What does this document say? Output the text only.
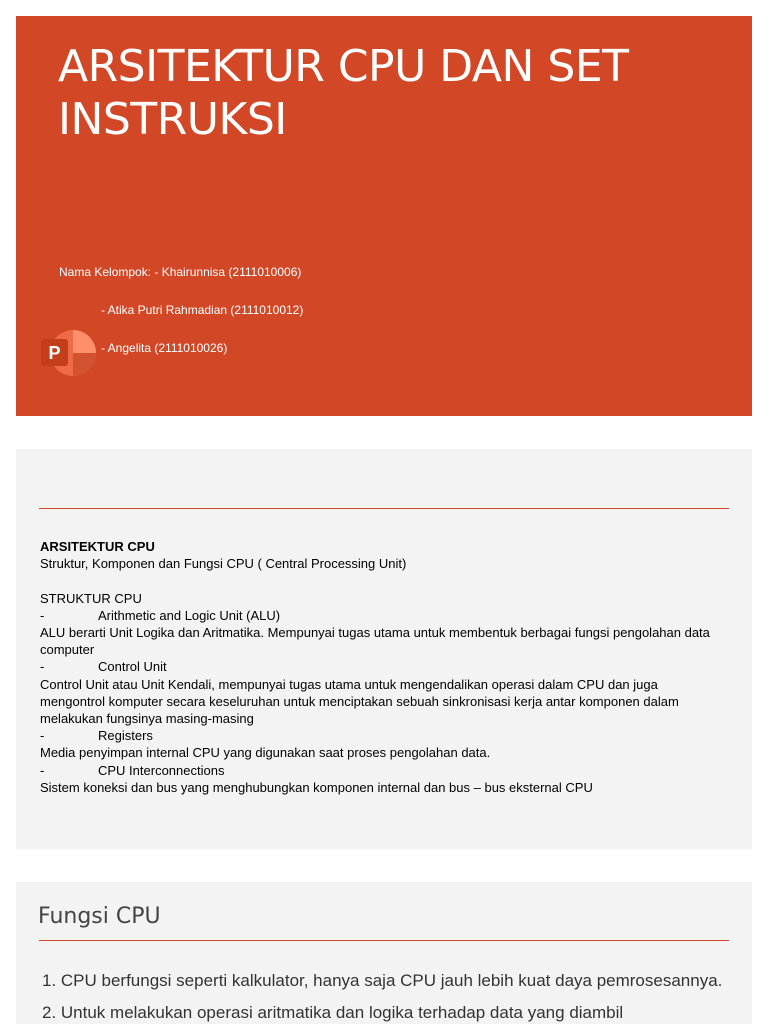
ARSITEKTUR CPU DAN SET INSTRUKSI
Nama Kelompok: - Khairunnisa (2111010006)
- Atika Putri Rahmadian (2111010012)
- Angelita (2111010026)
P

ARSITEKTUR CPU

Struktur, Komponen dan Fungsi CPU ( Central Processing Unit)

STRUKTUR CPU

-	Arithmetic and Logic Unit (ALU)

ALU berarti Unit Logika dan Aritmatika. Mempunyai tugas utama untuk membentuk berbagai fungsi pengolahan data computer

-	Control Unit

Control Unit atau Unit Kendali, mempunyai tugas utama untuk mengendalikan operasi dalam CPU dan juga mengontrol komputer secara keseluruhan untuk menciptakan sebuah sinkronisasi kerja antar komponen dalam melakukan fungsinya masing-masing

-	Registers

Media penyimpan internal CPU yang digunakan saat proses pengolahan data.

-	CPU Interconnections

Sistem koneksi dan bus yang menghubungkan komponen internal dan bus – bus eksternal CPU

Fungsi CPU

1. CPU berfungsi seperti kalkulator, hanya saja CPU jauh lebih kuat daya pemrosesannya.

2. Untuk melakukan operasi aritmatika dan logika terhadap data yang diambil
